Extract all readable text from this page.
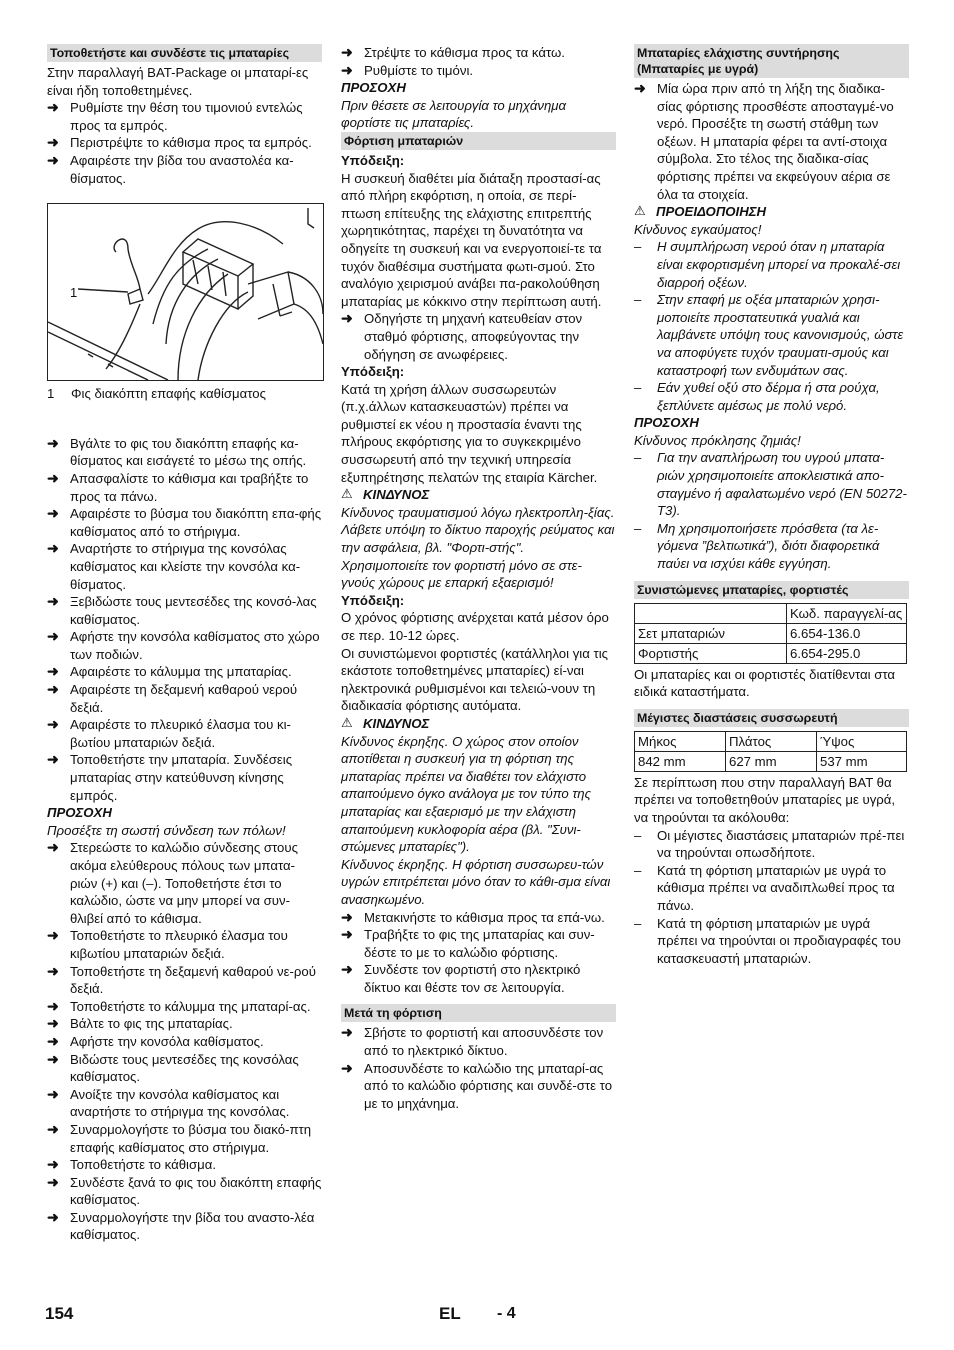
Τοποθετήστε και συνδέστε τις μπαταρίες

Στην παραλλαγή BAT-Package οι μπαταρί-ες είναι ήδη τοποθετημένες.

➜ Ρυθμίστε την θέση του τιμονιού εντελώς προς τα εμπρός.
➜ Περιστρέψτε το κάθισμα προς τα εμπρός.
➜ Αφαιρέστε την βίδα του αναστολέα κα-θίσματος.
1
1 Φις διακόπτη επαφής καθίσματος
➜ Βγάλτε το φις του διακόπτη επαφής κα-θίσματος και εισάγετέ το μέσω της οπής.
➜ Απασφαλίστε το κάθισμα και τραβήξτε το προς τα πάνω.
➜ Αφαιρέστε το βύσμα του διακόπτη επα-φής καθίσματος από το στήριγμα.
➜ Αναρτήστε το στήριγμα της κονσόλας καθίσματος και κλείστε την κονσόλα κα-θίσματος.
➜ Ξεβιδώστε τους μεντεσέδες της κονσό-λας καθίσματος.
➜ Αφήστε την κονσόλα καθίσματος στο χώρο των ποδιών.
➜ Αφαιρέστε το κάλυμμα της μπαταρίας.
➜ Αφαιρέστε τη δεξαμενή καθαρού νερού δεξιά.
➜ Αφαιρέστε το πλευρικό έλασμα του κι-βωτίου μπαταριών δεξιά.
➜ Τοποθετήστε την μπαταρία. Συνδέσεις μπαταρίας στην κατεύθυνση κίνησης εμπρός.
ΠΡΟΣΟΧΗ
Προσέξτε τη σωστή σύνδεση των πόλων!
➜ Στερεώστε το καλώδιο σύνδεσης στους ακόμα ελεύθερους πόλους των μπατα-ριών (+) και (–). Τοποθετήστε έτσι το καλώδιο, ώστε να μην μπορεί να συν-θλιβεί από το κάθισμα.
➜ Τοποθετήστε το πλευρικό έλασμα του κιβωτίου μπαταριών δεξιά.
➜ Τοποθετήστε τη δεξαμενή καθαρού νε-ρού δεξιά.
➜ Τοποθετήστε το κάλυμμα της μπαταρί-ας.
➜ Βάλτε το φις της μπαταρίας.
➜ Αφήστε την κονσόλα καθίσματος.
➜ Βιδώστε τους μεντεσέδες της κονσόλας καθίσματος.
➜ Ανοίξτε την κονσόλα καθίσματος και αναρτήστε το στήριγμα της κονσόλας.
➜ Συναρμολογήστε το βύσμα του διακό-πτη επαφής καθίσματος στο στήριγμα.
➜ Τοποθετήστε το κάθισμα.
➜ Συνδέστε ξανά το φις του διακόπτη επαφής καθίσματος.
➜ Συναρμολογήστε την βίδα του αναστο-λέα καθίσματος.
➜ Στρέψτε το κάθισμα προς τα κάτω.
➜ Ρυθμίστε το τιμόνι.
ΠΡΟΣΟΧΗ
Πριν θέσετε σε λειτουργία το μηχάνημα φορτίστε τις μπαταρίες.
Φόρτιση μπαταριών
Υπόδειξη:

Η συσκευή διαθέτει μία διάταξη προστασί-ας από πλήρη εκφόρτιση, η οποία, σε περί-πτωση επίτευξης της ελάχιστης επιτρεπτής χωρητικότητας, παρέχει τη δυνατότητα να οδηγείτε τη συσκευή και να ενεργοποιεί-τε τα τυχόν διαθέσιμα συστήματα φωτι-σμού. Στο αναλόγιο χειρισμού ανάβει πα-ρακολούθηση μπαταρίας με κόκκινο στην περίπτωση αυτή.

➜ Οδηγήστε τη μηχανή κατευθείαν στον σταθμό φόρτισης, αποφεύγοντας την οδήγηση σε ανωφέρειες.
Υπόδειξη:

Κατά τη χρήση άλλων συσσωρευτών (π.χ.άλλων κατασκευαστών) πρέπει να ρυθμιστεί εκ νέου η προστασία έναντι της πλήρους εκφόρτισης για το συγκεκριμένο συσσωρευτή από την τεχνική υπηρεσία εξυπηρέτησης πελατών της εταιρία Kärcher.

⚠ ΚΙΝΔΥΝΟΣ
Κίνδυνος τραυματισμού λόγω ηλεκτροπλη-ξίας. Λάβετε υπόψη το δίκτυο παροχής ρεύματος και την ασφάλεια, βλ. "Φορτι-στής".
Χρησιμοποιείτε τον φορτιστή μόνο σε στε-γνούς χώρους με επαρκή εξαερισμό!
Υπόδειξη:

Ο χρόνος φόρτισης ανέρχεται κατά μέσον όρο σε περ. 10-12 ώρες.

Οι συνιστώμενοι φορτιστές (κατάλληλοι για τις εκάστοτε τοποθετημένες μπαταρίες) εί-ναι ηλεκτρονικά ρυθμισμένοι και τελειώ-νουν τη διαδικασία φόρτισης αυτόματα.

⚠ ΚΙΝΔΥΝΟΣ
Κίνδυνος έκρηξης. Ο χώρος στον οποίον αποτίθεται η συσκευή για τη φόρτιση της μπαταρίας πρέπει να διαθέτει τον ελάχιστο απαιτούμενο όγκο ανάλογα με τον τύπο της μπαταρίας και εξαερισμό με την ελάχιστη απαιτούμενη κυκλοφορία αέρα (βλ. "Συνι-στώμενες μπαταρίες").
Κίνδυνος έκρηξης. Η φόρτιση συσσωρευ-τών υγρών επιτρέπεται μόνο όταν το κάθι-σμα είναι ανασηκωμένο.
➜ Μετακινήστε το κάθισμα προς τα επά-νω.
➜ Τραβήξτε το φις της μπαταρίας και συν-δέστε το με το καλώδιο φόρτισης.
➜ Συνδέστε τον φορτιστή στο ηλεκτρικό δίκτυο και θέστε τον σε λειτουργία.
Μετά τη φόρτιση
➜ Σβήστε το φορτιστή και αποσυνδέστε τον από το ηλεκτρικό δίκτυο.
➜ Αποσυνδέστε το καλώδιο της μπαταρί-ας από το καλώδιο φόρτισης και συνδέ-στε το με το μηχάνημα.
Μπαταρίες ελάχιστης συντήρησης (Μπαταρίες με υγρά)
➜ Μία ώρα πριν από τη λήξη της διαδικα-σίας φόρτισης προσθέστε αποσταγμέ-νο νερό. Προσέξτε τη σωστή στάθμη των οξέων. Η μπαταρία φέρει τα αντί-στοιχα σύμβολα. Στο τέλος της διαδικα-σίας φόρτισης πρέπει να εκφεύγουν αέρια σε όλα τα στοιχεία.
⚠ ΠΡΟΕΙΔΟΠΟΙΗΣΗ
Κίνδυνος εγκαύματος!
– Η συμπλήρωση νερού όταν η μπαταρία είναι εκφορτισμένη μπορεί να προκαλέ-σει διαρροή οξέων.
– Στην επαφή με οξέα μπαταριών χρησι-μοποιείτε προστατευτικά γυαλιά και λαμβάνετε υπόψη τους κανονισμούς, ώστε να αποφύγετε τυχόν τραυματι-σμούς και καταστροφή των ενδυμάτων σας.
– Εάν χυθεί οξύ στο δέρμα ή στα ρούχα, ξεπλύνετε αμέσως με πολύ νερό.
ΠΡΟΣΟΧΗ
Κίνδυνος πρόκλησης ζημιάς!
– Για την αναπλήρωση του υγρού μπατα-ριών χρησιμοποιείτε αποκλειστικά απο-σταγμένο ή αφαλατωμένο νερό (EN 50272-T3).
– Μη χρησιμοποιήσετε πρόσθετα (τα λε-γόμενα ”βελτιωτικά”), διότι διαφορετικά παύει να ισχύει κάθε εγγύηση.
Συνιστώμενες μπαταρίες, φορτιστές
	Κωδ. παραγγελί-ας
Σετ μπαταριών	6.654-136.0
Φορτιστής	6.654-295.0

Οι μπαταρίες και οι φορτιστές διατίθενται στα ειδικά καταστήματα.

Μέγιστες διαστάσεις συσσωρευτή
Μήκος	Πλάτος	Ύψος
842 mm	627 mm	537 mm

Σε περίπτωση που στην παραλλαγή BAT θα πρέπει να τοποθετηθούν μπαταρίες με υγρά, να τηρούνται τα ακόλουθα:

– Οι μέγιστες διαστάσεις μπαταριών πρέ-πει να τηρούνται οπωσδήποτε.
– Κατά τη φόρτιση μπαταριών με υγρά το κάθισμα πρέπει να αναδιπλωθεί προς τα πάνω.
– Κατά τη φόρτιση μπαταριών με υγρά πρέπει να τηρούνται οι προδιαγραφές του κατασκευαστή μπαταριών.
154	EL - 4
